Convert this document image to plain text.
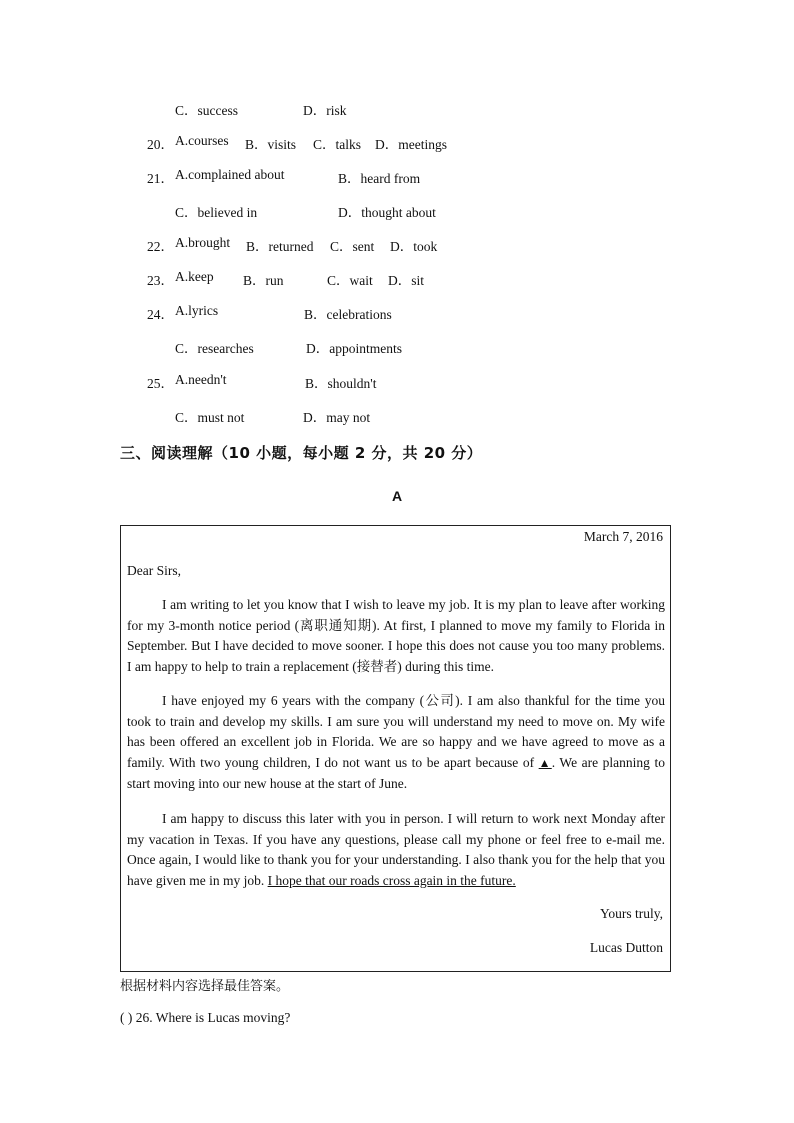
C．success	D．risk
20． A.courses B．visits C．talks D．meetings
21． A.complained about	B．heard from
C．believed in	D．thought about
22． A.brought B．returned C．sent D．took
23． A.keep B．run	C．wait D．sit
24． A.lyrics	B．celebrations
C．researches	D．appointments
25． A.needn't	B．shouldn't
C．must not	D．may not
三、阅读理解（10 小题，每小题 2 分，共 20 分）
A
March 7, 2016
Dear Sirs,
I am writing to let you know that I wish to leave my job. It is my plan to leave after working for my 3-month notice period (离职通知期). At first, I planned to move my family to Florida in September. But I have decided to move sooner. I hope this does not cause you too many problems. I am happy to help to train a replacement (接替者) during this time.
I have enjoyed my 6 years with the company (公司). I am also thankful for the time you took to train and develop my skills. I am sure you will understand my need to move on. My wife has been offered an excellent job in Florida. We are so happy and we have agreed to move as a family. With two young children, I do not want us to be apart because of ▲. We are planning to start moving into our new house at the start of June.
I am happy to discuss this later with you in person. I will return to work next Monday after my vacation in Texas. If you have any questions, please call my phone or feel free to e-mail me. Once again, I would like to thank you for your understanding. I also thank you for the help that you have given me in my job. I hope that our roads cross again in the future.
Yours truly,
Lucas Dutton
根据材料内容选择最佳答案。
( ) 26. Where is Lucas moving?
